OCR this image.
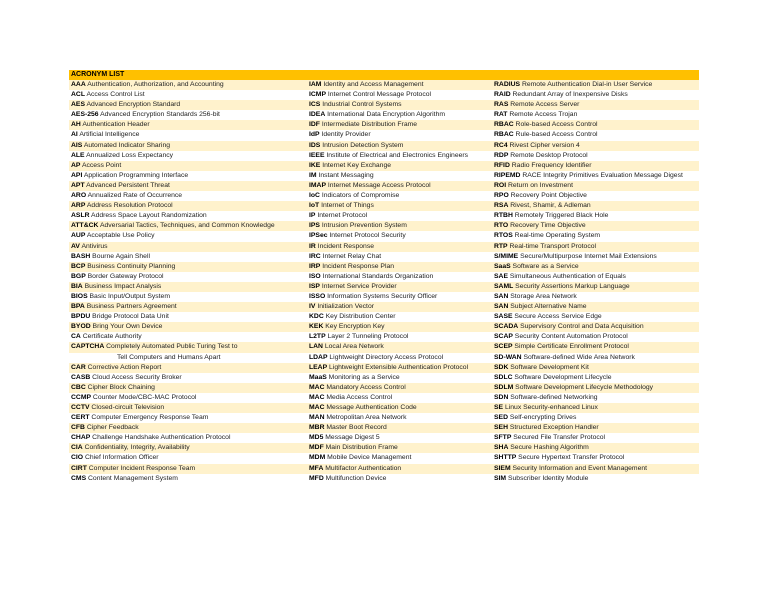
ACRONYM LIST
AAA Authentication, Authorization, and Accounting	IAM Identity and Access Management	RADIUS Remote Authentication Dial-in User Service
ACL Access Control List	ICMP Internet Control Message Protocol	RAID Redundant Array of Inexpensive Disks
AES Advanced Encryption Standard	ICS Industrial Control Systems	RAS Remote Access Server
AES-256 Advanced Encryption Standards 256-bit	IDEA International Data Encryption Algorithm	RAT Remote Access Trojan
AH Authentication Header	IDF Intermediate Distribution Frame	RBAC Role-based Access Control
AI Artificial Intelligence	IdP Identity Provider	RBAC Rule-based Access Control
AIS Automated Indicator Sharing	IDS Intrusion Detection System	RC4 Rivest Cipher version 4
ALE Annualized Loss Expectancy	IEEE Institute of Electrical and Electronics Engineers	RDP Remote Desktop Protocol
AP Access Point	IKE Internet Key Exchange	RFID Radio Frequency Identifier
API Application Programming Interface	IM Instant Messaging	RIPEMD RACE Integrity Primitives Evaluation Message Digest
APT Advanced Persistent Threat	IMAP Internet Message Access Protocol	ROI Return on Investment
ARO Annualized Rate of Occurrence	IoC Indicators of Compromise	RPO Recovery Point Objective
ARP Address Resolution Protocol	IoT Internet of Things	RSA Rivest, Shamir, & Adleman
ASLR Address Space Layout Randomization	IP Internet Protocol	RTBH Remotely Triggered Black Hole
ATT&CK Adversarial Tactics, Techniques, and Common Knowledge	IPS Intrusion Prevention System	RTO Recovery Time Objective
AUP Acceptable Use Policy	IPSec Internet Protocol Security	RTOS Real-time Operating System
AV Antivirus	IR Incident Response	RTP Real-time Transport Protocol
BASH Bourne Again Shell	IRC Internet Relay Chat	S/MIME Secure/Multipurpose Internet Mail Extensions
BCP Business Continuity Planning	IRP Incident Response Plan	SaaS Software as a Service
BGP Border Gateway Protocol	ISO International Standards Organization	SAE Simultaneous Authentication of Equals
BIA Business Impact Analysis	ISP Internet Service Provider	SAML Security Assertions Markup Language
BIOS Basic Input/Output System	ISSO Information Systems Security Officer	SAN Storage Area Network
BPA Business Partners Agreement	IV Initialization Vector	SAN Subject Alternative Name
BPDU Bridge Protocol Data Unit	KDC Key Distribution Center	SASE Secure Access Service Edge
BYOD Bring Your Own Device	KEK Key Encryption Key	SCADA Supervisory Control and Data Acquisition
CA Certificate Authority	L2TP Layer 2 Tunneling Protocol	SCAP Security Content Automation Protocol
CAPTCHA Completely Automated Public Turing Test to	LAN Local Area Network	SCEP Simple Certificate Enrollment Protocol
Tell Computers and Humans Apart	LDAP Lightweight Directory Access Protocol	SD-WAN Software-defined Wide Area Network
CAR Corrective Action Report	LEAP Lightweight Extensible Authentication Protocol	SDK Software Development Kit
CASB Cloud Access Security Broker	MaaS Monitoring as a Service	SDLC Software Development Lifecycle
CBC Cipher Block Chaining	MAC Mandatory Access Control	SDLM Software Development Lifecycle Methodology
CCMP Counter Mode/CBC-MAC Protocol	MAC Media Access Control	SDN Software-defined Networking
CCTV Closed-circuit Television	MAC Message Authentication Code	SE Linux Security-enhanced Linux
CERT Computer Emergency Response Team	MAN Metropolitan Area Network	SED Self-encrypting Drives
CFB Cipher Feedback	MBR Master Boot Record	SEH Structured Exception Handler
CHAP Challenge Handshake Authentication Protocol	MD5 Message Digest 5	SFTP Secured File Transfer Protocol
CIA Confidentiality, Integrity, Availability	MDF Main Distribution Frame	SHA Secure Hashing Algorithm
CIO Chief Information Officer	MDM Mobile Device Management	SHTTP Secure Hypertext Transfer Protocol
CIRT Computer Incident Response Team	MFA Multifactor Authentication	SIEM Security Information and Event Management
CMS Content Management System	MFD Multifunction Device	SIM Subscriber Identity Module
